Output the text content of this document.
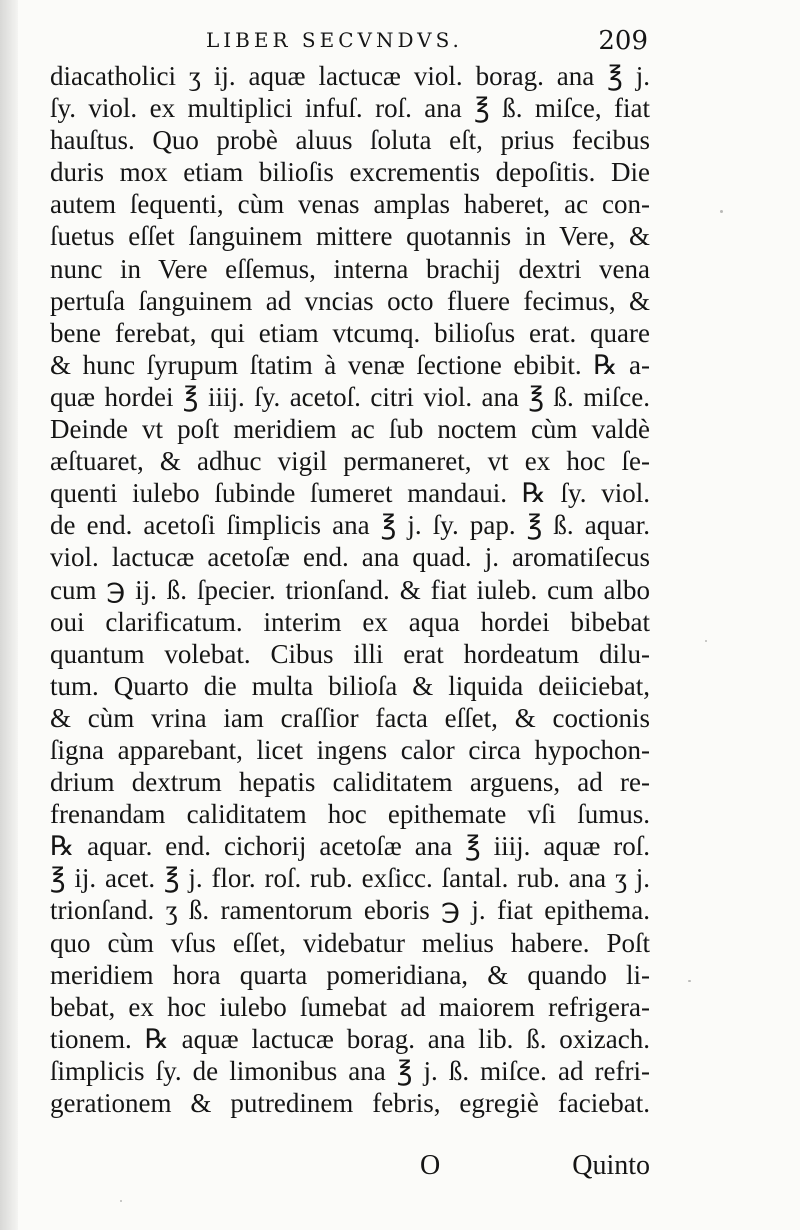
LIBER SECVNDVS.	209
diacatholici ʒ ij. aquæ lactucæ viol. borag. ana ℥ j.
ſy. viol. ex multiplici infuſ. roſ. ana ℥ ß. miſce, fiat
hauſtus. Quo probè aluus ſoluta eſt, prius fecibus
duris mox etiam bilioſis excrementis depoſitis. Die
autem ſequenti, cùm venas amplas haberet, ac con-
ſuetus eſſet ſanguinem mittere quotannis in Vere, &
nunc in Vere eſſemus, interna brachij dextri vena
pertuſa ſanguinem ad vncias octo fluere fecimus, &
bene ferebat, qui etiam vtcumq. bilioſus erat. quare
& hunc ſyrupum ſtatim à venæ ſectione ebibit. ℞ a-
quæ hordei ℥ iiij. ſy. acetoſ. citri viol. ana ℥ ß. miſce.
Deinde vt poſt meridiem ac ſub noctem cùm valdè
æſtuaret, & adhuc vigil permaneret, vt ex hoc ſe-
quenti iulebo ſubinde ſumeret mandaui. ℞ ſy. viol.
de end. acetoſi ſimplicis ana ℥ j. ſy. pap. ℥ ß. aquar.
viol. lactucæ acetoſæ end. ana quad. j. aromatiſecus
cum ℈ ij. ß. ſpecier. trionſand. & fiat iuleb. cum albo
oui clarificatum. interim ex aqua hordei bibebat
quantum volebat. Cibus illi erat hordeatum dilu-
tum. Quarto die multa bilioſa & liquida deiiciebat,
& cùm vrina iam craſſior facta eſſet, & coctionis
ſigna apparebant, licet ingens calor circa hypochon-
drium dextrum hepatis caliditatem arguens, ad re-
frenandam caliditatem hoc epithemate vſi ſumus.
℞ aquar. end. cichorij acetoſæ ana ℥ iiij. aquæ roſ.
℥ ij. acet. ℥ j. flor. roſ. rub. exſicc. ſantal. rub. ana ʒ j.
trionſand. ʒ ß. ramentorum eboris ℈ j. fiat epithema.
quo cùm vſus eſſet, videbatur melius habere. Poſt
meridiem hora quarta pomeridiana, & quando li-
bebat, ex hoc iulebo ſumebat ad maiorem refrigera-
tionem. ℞ aquæ lactucæ borag. ana lib. ß. oxizach.
ſimplicis ſy. de limonibus ana ℥ j. ß. miſce. ad refri-
gerationem & putredinem febris, egregiè faciebat.
O	Quinto
